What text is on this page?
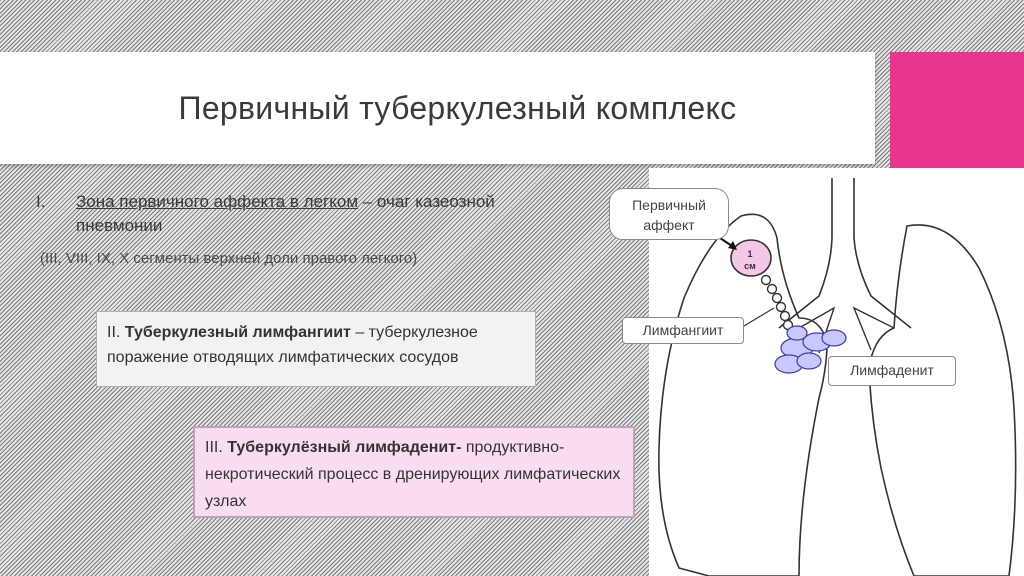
Первичный туберкулезный комплекс
I. Зона первичного аффекта в легком – очаг казеозной пневмонии
(III, VIII, IX, X сегменты верхней доли правого легкого)
II. Туберкулезный лимфангиит – туберкулезное поражение отводящих лимфатических сосудов
III. Туберкулёзный лимфаденит- продуктивно-некротический процесс в дренирующих лимфатических узлах
1
см
Первичный
аффект
Лимфангиит
Лимфаденит
